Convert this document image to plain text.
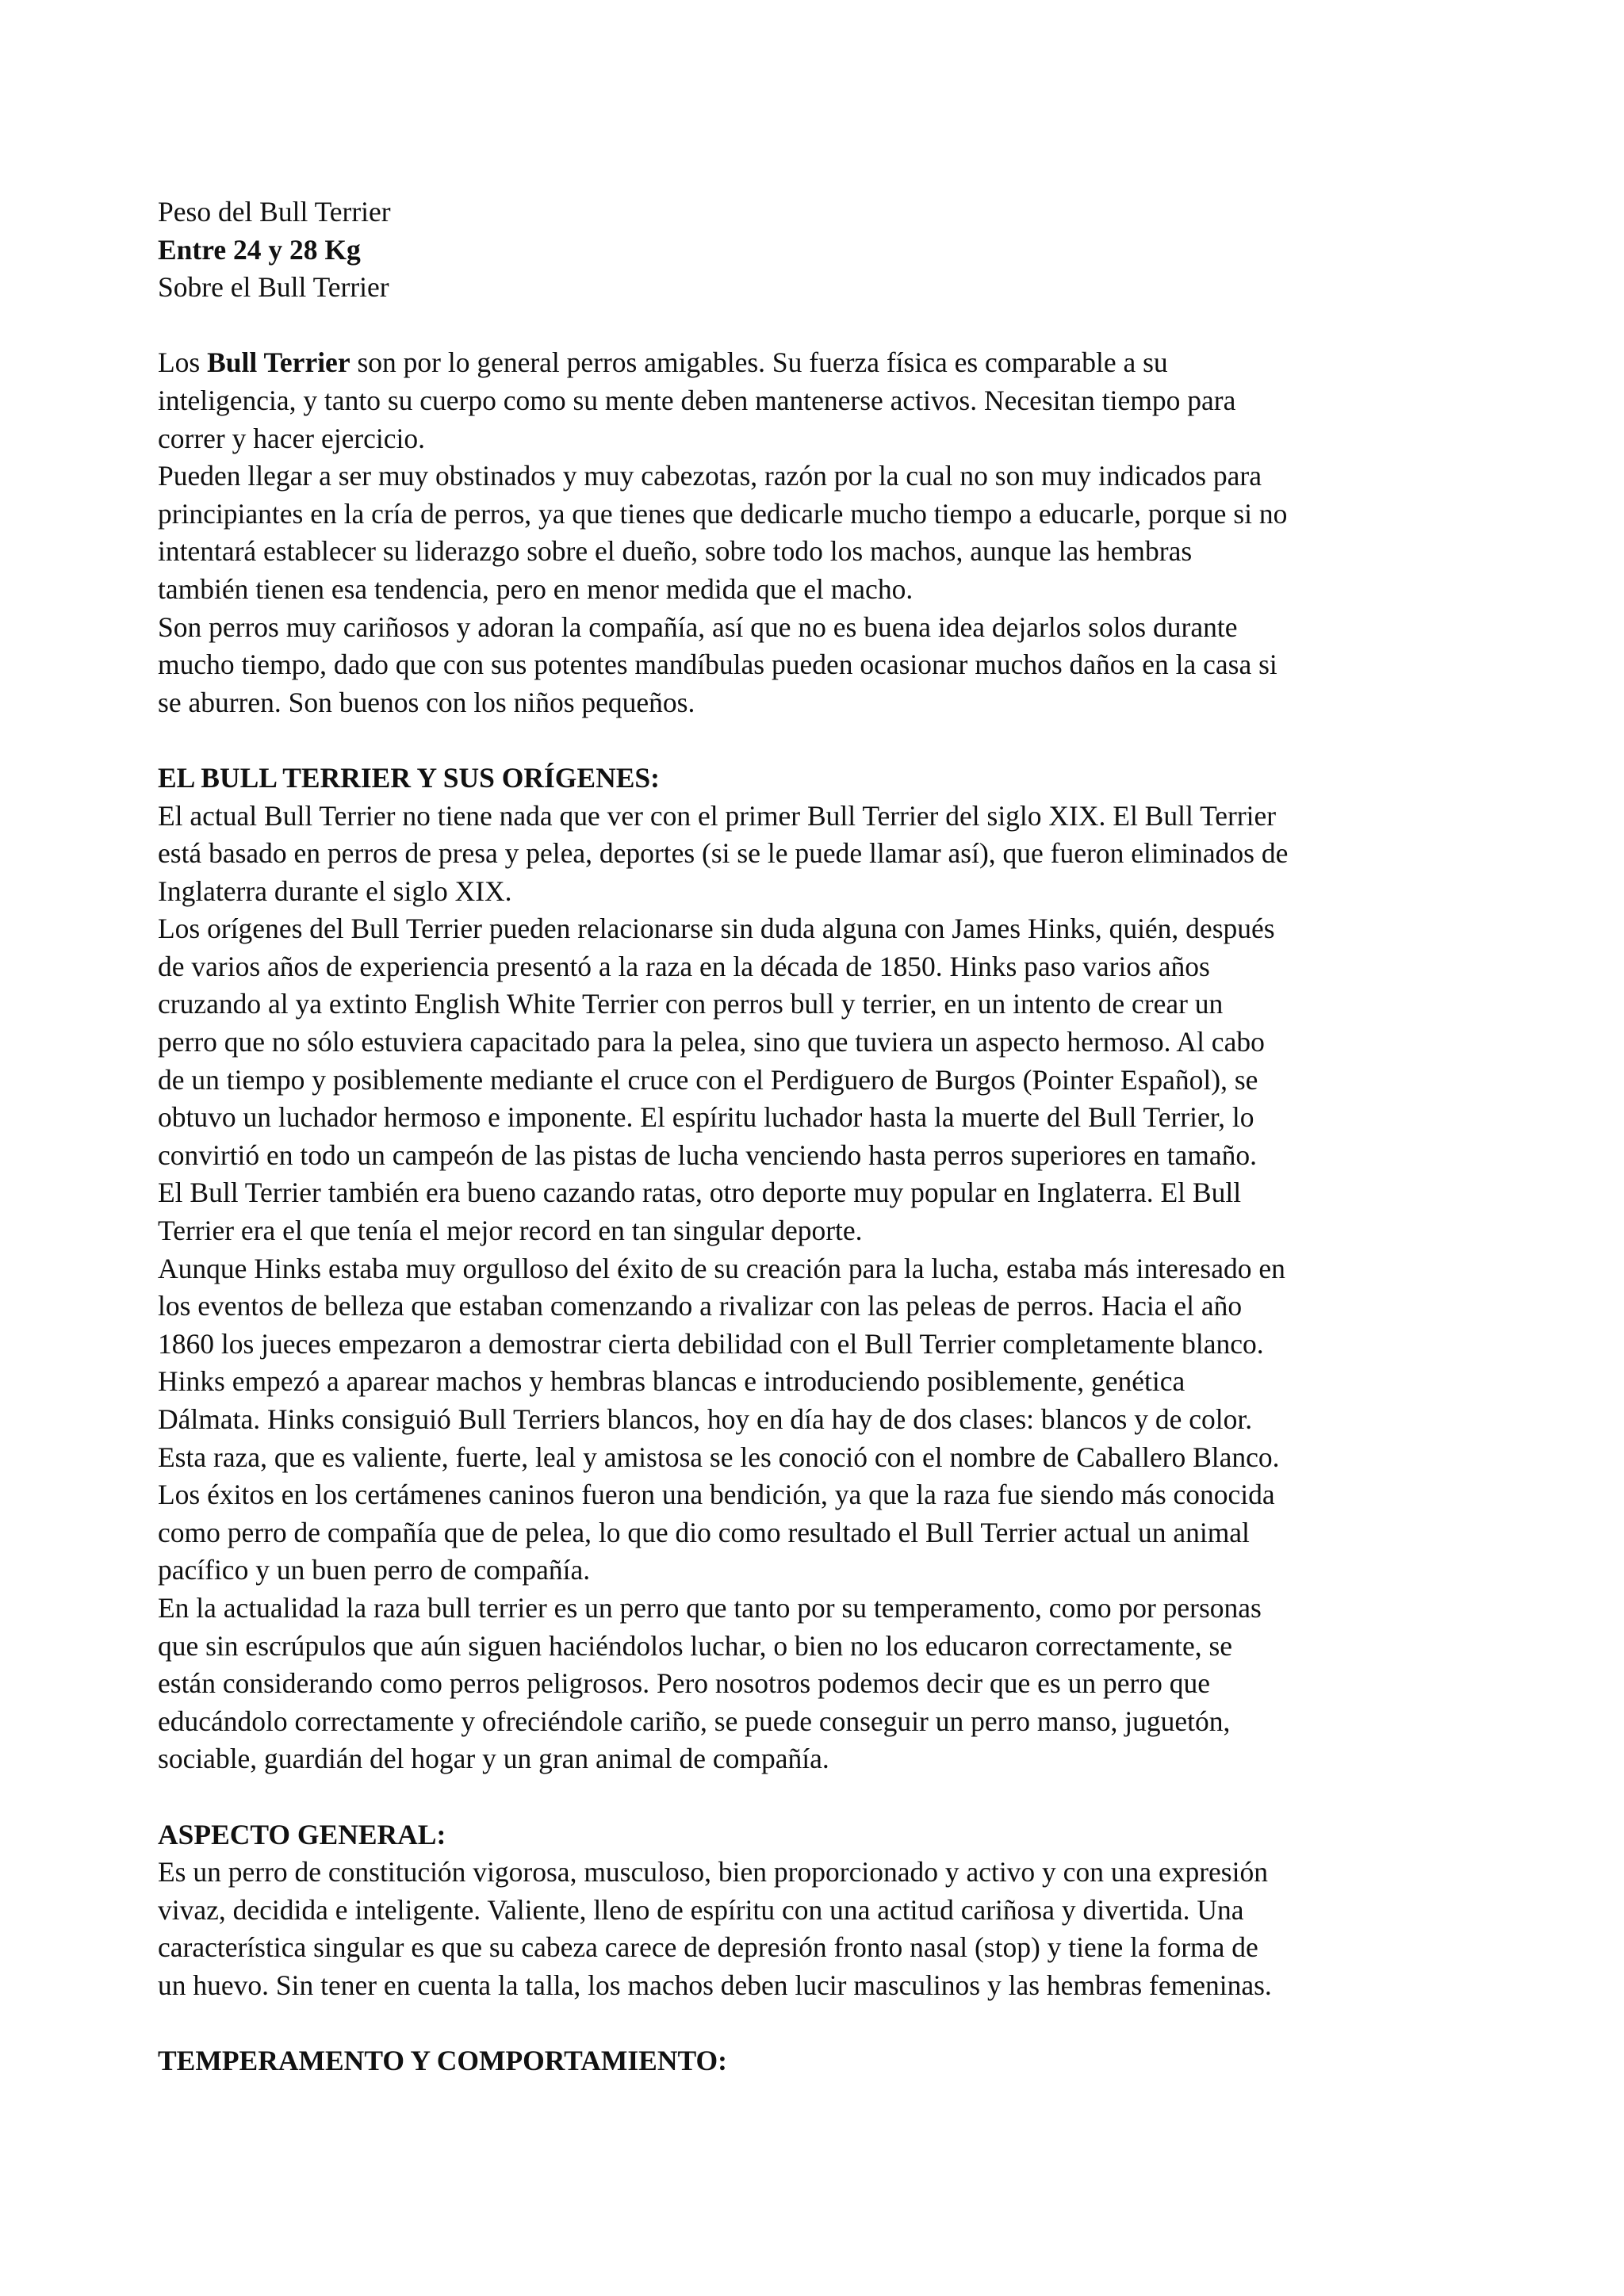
Peso del Bull Terrier
Entre 24 y 28 Kg
Sobre el Bull Terrier
Los Bull Terrier son por lo general perros amigables. Su fuerza física es comparable a su
inteligencia, y tanto su cuerpo como su mente deben mantenerse activos. Necesitan tiempo para
correr y hacer ejercicio.
Pueden llegar a ser muy obstinados y muy cabezotas, razón por la cual no son muy indicados para
principiantes en la cría de perros, ya que tienes que dedicarle mucho tiempo a educarle, porque si no
intentará establecer su liderazgo sobre el dueño, sobre todo los machos, aunque las hembras
también tienen esa tendencia, pero en menor medida que el macho.
Son perros muy cariñosos y adoran la compañía, así que no es buena idea dejarlos solos durante
mucho tiempo, dado que con sus potentes mandíbulas pueden ocasionar muchos daños en la casa si
se aburren. Son buenos con los niños pequeños.
EL BULL TERRIER Y SUS ORÍGENES:
El actual Bull Terrier no tiene nada que ver con el primer Bull Terrier del siglo XIX. El Bull Terrier
está basado en perros de presa y pelea, deportes (si se le puede llamar así), que fueron eliminados de
Inglaterra durante el siglo XIX.
Los orígenes del Bull Terrier pueden relacionarse sin duda alguna con James Hinks, quién, después
de varios años de experiencia presentó a la raza en la década de 1850. Hinks paso varios años
cruzando al ya extinto English White Terrier con perros bull y terrier, en un intento de crear un
perro que no sólo estuviera capacitado para la pelea, sino que tuviera un aspecto hermoso. Al cabo
de un tiempo y posiblemente mediante el cruce con el Perdiguero de Burgos (Pointer Español), se
obtuvo un luchador hermoso e imponente. El espíritu luchador hasta la muerte del Bull Terrier, lo
convirtió en todo un campeón de las pistas de lucha venciendo hasta perros superiores en tamaño.
El Bull Terrier también era bueno cazando ratas, otro deporte muy popular en Inglaterra. El Bull
Terrier era el que tenía el mejor record en tan singular deporte.
Aunque Hinks estaba muy orgulloso del éxito de su creación para la lucha, estaba más interesado en
los eventos de belleza que estaban comenzando a rivalizar con las peleas de perros. Hacia el año
1860 los jueces empezaron a demostrar cierta debilidad con el Bull Terrier completamente blanco.
Hinks empezó a aparear machos y hembras blancas e introduciendo posiblemente, genética
Dálmata. Hinks consiguió Bull Terriers blancos, hoy en día hay de dos clases: blancos y de color.
Esta raza, que es valiente, fuerte, leal y amistosa se les conoció con el nombre de Caballero Blanco.
Los éxitos en los certámenes caninos fueron una bendición, ya que la raza fue siendo más conocida
como perro de compañía que de pelea, lo que dio como resultado el Bull Terrier actual un animal
pacífico y un buen perro de compañía.
En la actualidad la raza bull terrier es un perro que tanto por su temperamento, como por personas
que sin escrúpulos que aún siguen haciéndolos luchar, o bien no los educaron correctamente, se
están considerando como perros peligrosos. Pero nosotros podemos decir que es un perro que
educándolo correctamente y ofreciéndole cariño, se puede conseguir un perro manso, juguetón,
sociable, guardián del hogar y un gran animal de compañía.
ASPECTO GENERAL:
Es un perro de constitución vigorosa, musculoso, bien proporcionado y activo y con una expresión
vivaz, decidida e inteligente. Valiente, lleno de espíritu con una actitud cariñosa y divertida. Una
característica singular es que su cabeza carece de depresión fronto nasal (stop) y tiene la forma de
un huevo. Sin tener en cuenta la talla, los machos deben lucir masculinos y las hembras femeninas.
TEMPERAMENTO Y COMPORTAMIENTO:
